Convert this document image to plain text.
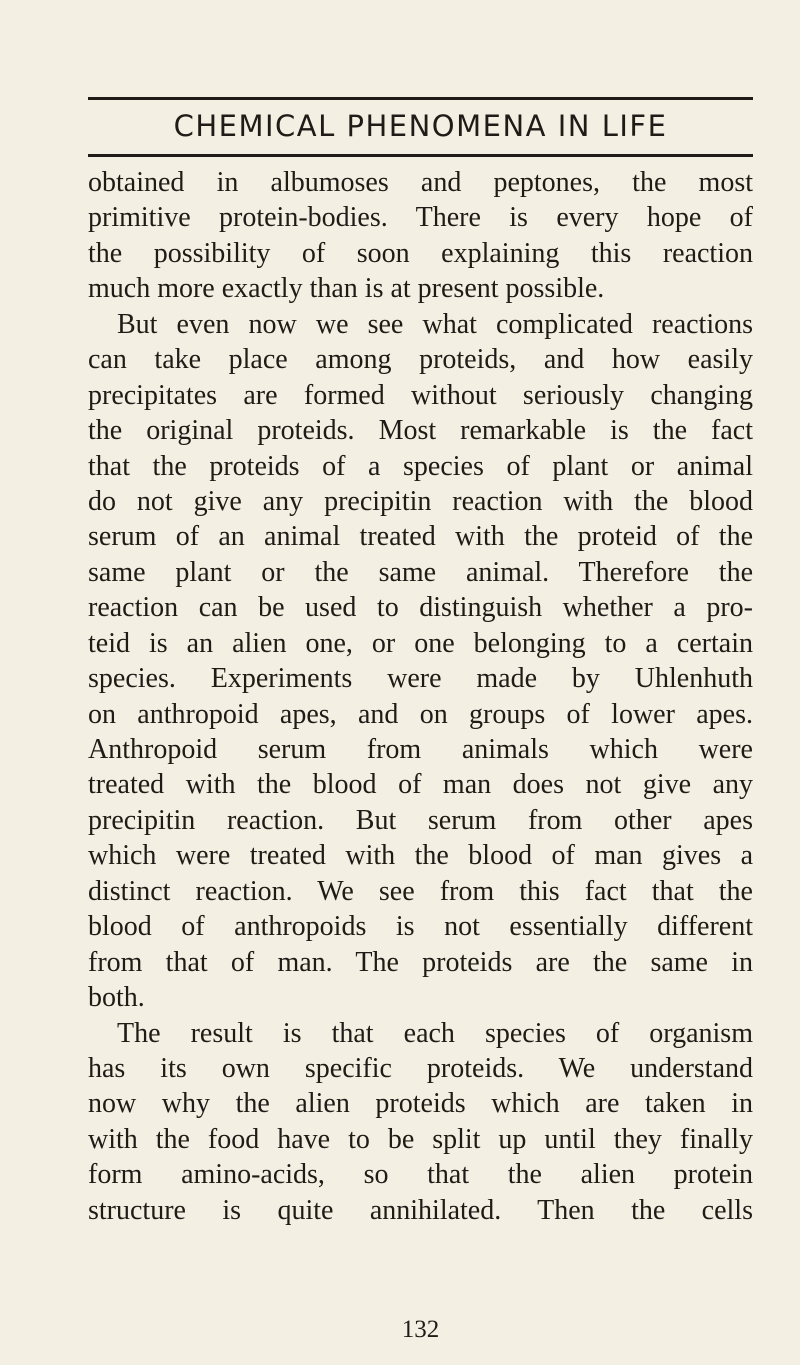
CHEMICAL PHENOMENA IN LIFE
obtained in albumoses and peptones, the most
primitive protein-bodies. There is every hope of
the possibility of soon explaining this reaction
much more exactly than is at present possible.
But even now we see what complicated reactions
can take place among proteids, and how easily
precipitates are formed without seriously changing
the original proteids. Most remarkable is the fact
that the proteids of a species of plant or animal
do not give any precipitin reaction with the blood
serum of an animal treated with the proteid of the
same plant or the same animal. Therefore the
reaction can be used to distinguish whether a pro-
teid is an alien one, or one belonging to a certain
species. Experiments were made by Uhlenhuth
on anthropoid apes, and on groups of lower apes.
Anthropoid serum from animals which were
treated with the blood of man does not give any
precipitin reaction. But serum from other apes
which were treated with the blood of man gives a
distinct reaction. We see from this fact that the
blood of anthropoids is not essentially different
from that of man. The proteids are the same in
both.
The result is that each species of organism
has its own specific proteids. We understand
now why the alien proteids which are taken in
with the food have to be split up until they finally
form amino-acids, so that the alien protein
structure is quite annihilated. Then the cells
132
